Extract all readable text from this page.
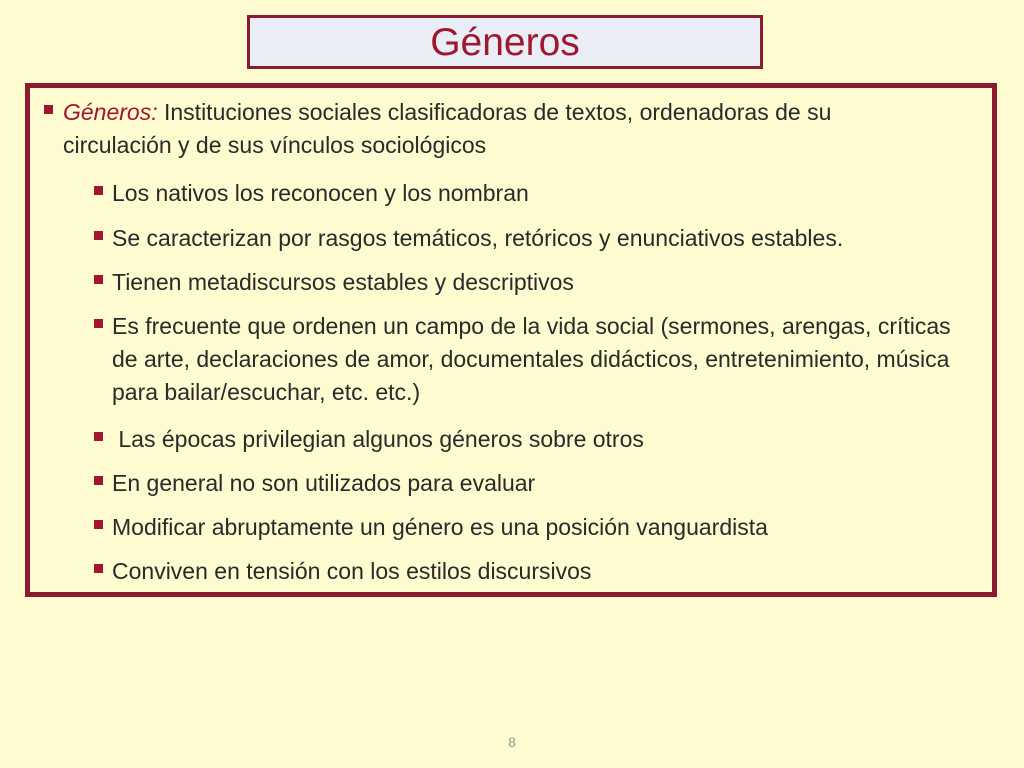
Géneros
Géneros: Instituciones sociales clasificadoras de textos, ordenadoras de su circulación y de sus vínculos sociológicos
Los nativos los reconocen y los nombran
Se caracterizan por rasgos temáticos, retóricos y enunciativos estables.
Tienen metadiscursos estables y descriptivos
Es frecuente que ordenen un campo de la vida social (sermones, arengas, críticas de arte, declaraciones de amor, documentales didácticos, entretenimiento, música para bailar/escuchar, etc. etc.)
Las épocas privilegian algunos géneros sobre otros
En general no son utilizados para evaluar
Modificar abruptamente un género es una posición vanguardista
Conviven en tensión con los estilos discursivos
8
